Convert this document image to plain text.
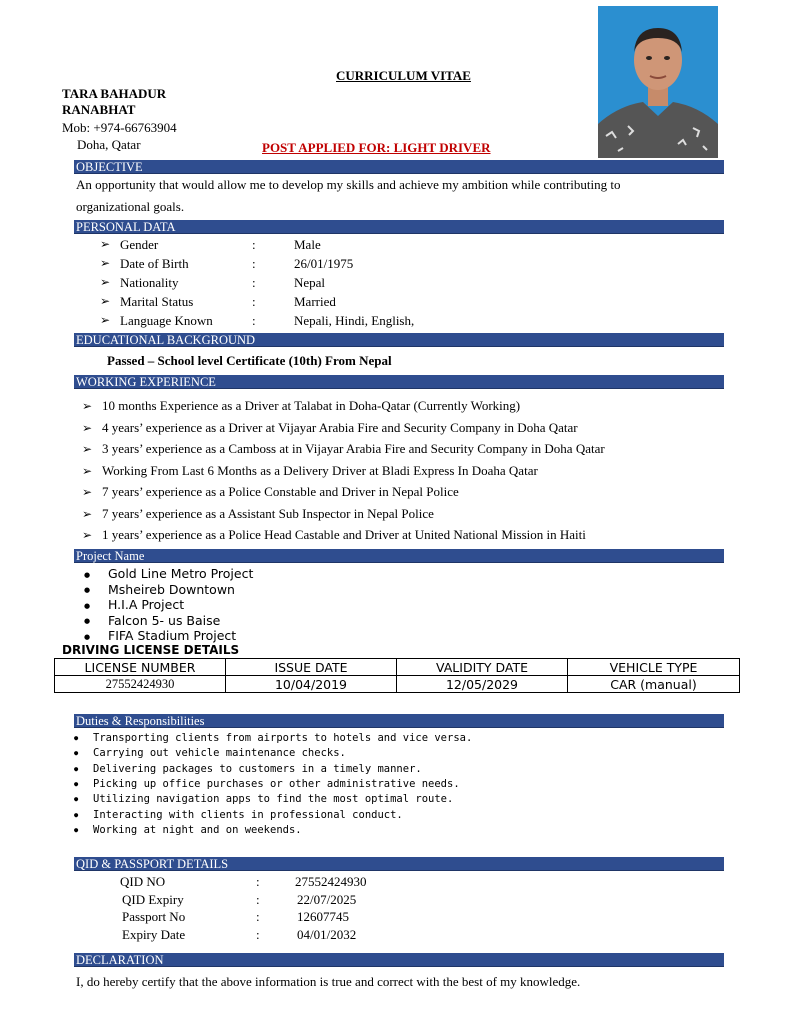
CURRICULUM VITAE
TARA BAHADUR
RANABHAT
Mob: +974-66763904
Doha, Qatar	POST APPLIED FOR: LIGHT DRIVER
OBJECTIVE
An opportunity that would allow me to develop my skills and achieve my ambition while contributing to
organizational goals.
PERSONAL DATA
➢ Gender	:	Male
➢ Date of Birth	:	26/01/1975
➢ Nationality	:	Nepal
➢ Marital Status	:	Married
➢ Language Known	:	Nepali, Hindi, English,
EDUCATIONAL BACKGROUND
Passed – School level Certificate (10th) From Nepal
WORKING EXPERIENCE
➢ 10 months Experience as a Driver at Talabat in Doha-Qatar (Currently Working)
➢ 4 years’ experience as a Driver at Vijayar Arabia Fire and Security Company in Doha Qatar
➢ 3 years’ experience as a Camboss at in Vijayar Arabia Fire and Security Company in Doha Qatar
➢ Working From Last 6 Months as a Delivery Driver at Bladi Express In Doaha Qatar
➢ 7 years’ experience as a Police Constable and Driver in Nepal Police
➢ 7 years’ experience as a Assistant Sub Inspector in Nepal Police
➢ 1 years’ experience as a Police Head Castable and Driver at United National Mission in Haiti
Project Name
● Gold Line Metro Project
● Msheireb Downtown
● H.I.A Project
● Falcon 5- us Baise
● FIFA Stadium Project
DRIVING LICENSE DETAILS
LICENSE NUMBER	ISSUE DATE	VALIDITY DATE	VEHICLE TYPE
27552424930	10/04/2019	12/05/2029	CAR (manual)
Duties & Responsibilities
● Transporting clients from airports to hotels and vice versa.
● Carrying out vehicle maintenance checks.
● Delivering packages to customers in a timely manner.
● Picking up office purchases or other administrative needs.
● Utilizing navigation apps to find the most optimal route.
● Interacting with clients in professional conduct.
● Working at night and on weekends.
QID & PASSPORT DETAILS
QID NO	:	27552424930
QID Expiry	:	22/07/2025
Passport No	:	12607745
Expiry Date	:	04/01/2032
DECLARATION
I, do hereby certify that the above information is true and correct with the best of my knowledge.
